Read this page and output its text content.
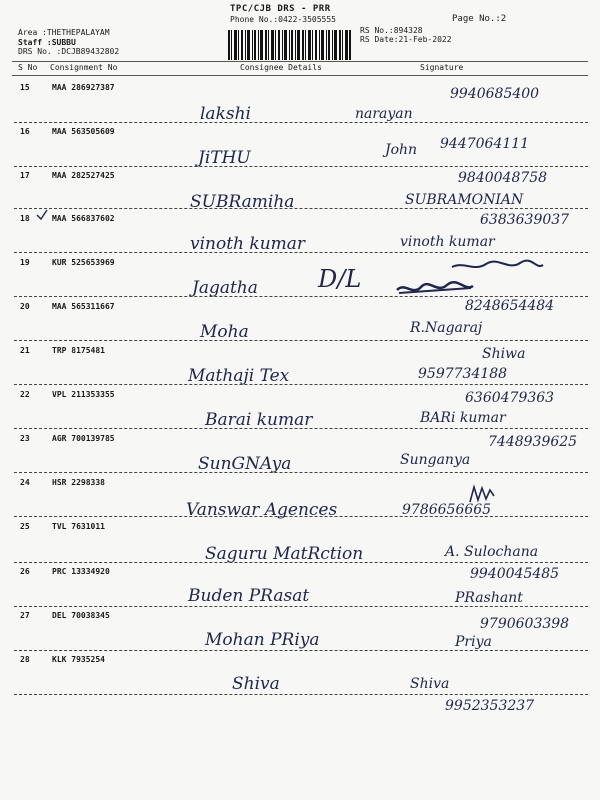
TPC/CJB DRS - PRR
Phone No.:0422-3505555	Page No.:2
Area :THETHEPALAYAM
Staff :SUBBU
DRS No. :DCJB89432802
RS No.:894328
RS Date:21-Feb-2022
S No Consignment No	Consignee Details	Signature
15	MAA 286927387
lakshi	narayan
9940685400
16	MAA 563505609
JiTHU	John 9447064111
17	MAA 282527425
SUBRamiha	SUBRAMONIAN
9840048758
18	MAA 566837602
vinoth kumar	vinoth kumar
6383639037
19	KUR 525653969
Jagatha	D/L
20	MAA 565311667
Moha	R.Nagaraj
8248654484
21	TRP 8175481
Mathaji Tex
Shiwa
9597734188
22	VPL 211353355
Barai kumar	BARi kumar
6360479363
23	AGR 700139785
SunGNAya	Sunganya
7448939625
24	HSR 2298338
Vanswar Agences	9786656665
25	TVL 7631011
Saguru MatRction	A. Sulochana
26	PRC 13334920
Buden PRasat	PRashant
9940045485
27	DEL 70038345
Mohan PRiya	Priya
9790603398
28	KLK 7935254
Shiva	Shiva
9952353237
